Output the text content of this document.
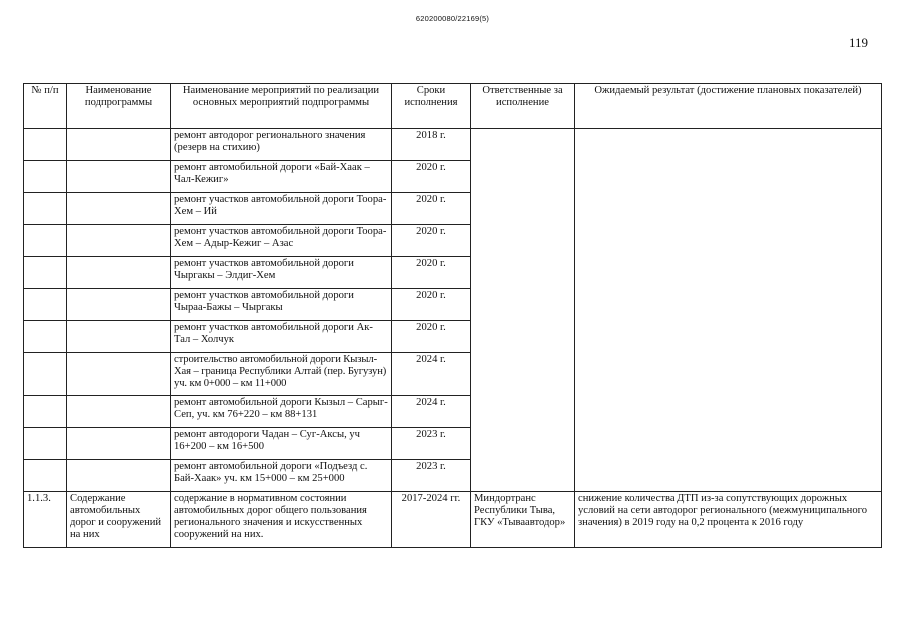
620200080/22169(5)
119
№ п/п	Наименование подпрограммы	Наименование мероприятий по реализации основных мероприятий подпрограммы	Сроки исполнения	Ответственные за исполнение	Ожидаемый результат (достижение плановых показателей)
		ремонт автодорог регионального значения (резерв на стихию)	2018 г.		
		ремонт автомобильной дороги «Бай-Хаак – Чал-Кежиг»	2020 г.		
		ремонт участков автомобильной дороги Тоора-Хем – Ий	2020 г.		
		ремонт участков автомобильной дороги Тоора-Хем – Адыр-Кежиг – Азас	2020 г.		
		ремонт участков автомобильной дороги Чыргакы – Элдиг-Хем	2020 г.		
		ремонт участков автомобильной дороги Чыраа-Бажы – Чыргакы	2020 г.		
		ремонт участков автомобильной дороги Ак-Тал – Холчук	2020 г.		
		строительство автомобильной дороги Кызыл-Хая – граница Республики Алтай (пер. Бугузун) уч. км 0+000 – км 11+000	2024 г.		
		ремонт автомобильной дороги Кызыл – Сарыг-Сеп, уч. км 76+220 – км 88+131	2024 г.		
		ремонт автодороги Чадан – Суг-Аксы, уч 16+200 – км 16+500	2023 г.		
		ремонт автомобильной дороги «Подъезд с. Бай-Хаак» уч. км 15+000 – км 25+000	2023 г.		
1.1.3.	Содержание автомобильных дорог и сооружений на них	содержание в нормативном состоянии автомобильных дорог общего пользования регионального значения и искусственных сооружений на них.	2017-2024 гг.	Миндортранс Республики Тыва, ГКУ «Тываавтодор»	снижение количества ДТП из-за сопутствующих дорожных условий на сети автодорог регионального (межмуниципального значения) в 2019 году на 0,2 процента к 2016 году
